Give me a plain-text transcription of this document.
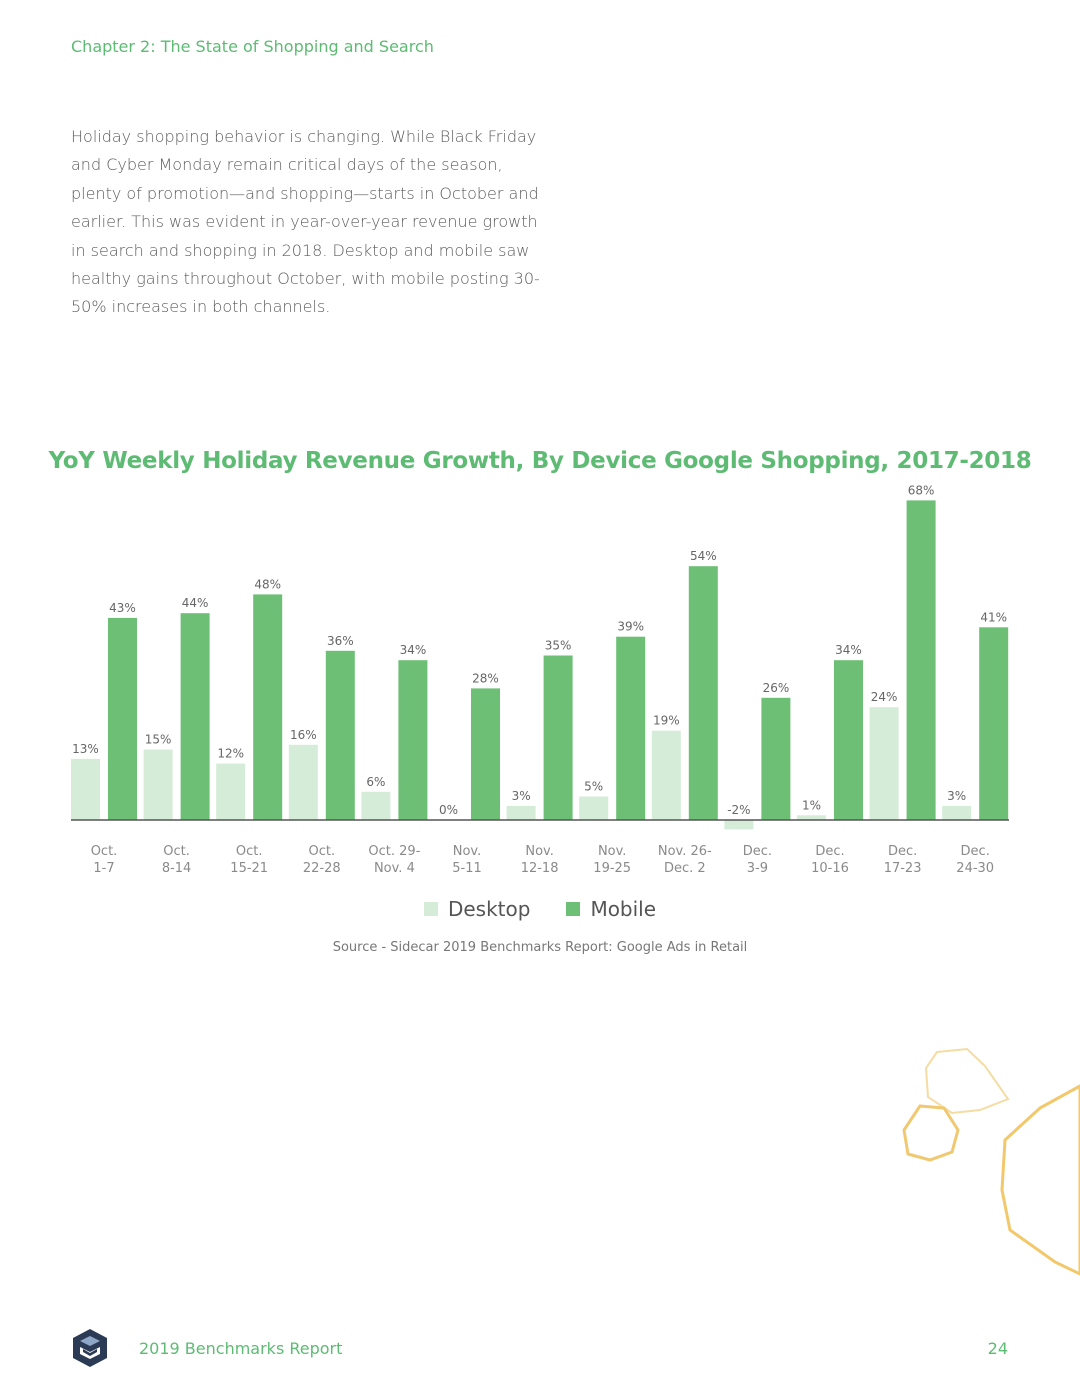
Chapter 2: The State of Shopping and Search

Holiday shopping behavior is changing. While Black Friday and Cyber Monday remain critical days of the season, plenty of promotion—and shopping—starts in October and earlier. This was evident in year-over-year revenue growth in search and shopping in 2018. Desktop and mobile saw healthy gains throughout October, with mobile posting 30-50% increases in both channels.

YoY Weekly Holiday Revenue Growth, By Device Google Shopping, 2017-2018
13%
43%
Oct.
1-7
15%
44%
Oct.
8-14
12%
48%
Oct.
15-21
16%
36%
Oct.
22-28
6%
34%
Oct. 29-
Nov. 4
0%
28%
Nov.
5-11
3%
35%
Nov.
12-18
5%
39%
Nov.
19-25
19%
54%
Nov. 26-
Dec. 2
-2%
26%
Dec.
3-9
1%
34%
Dec.
10-16
24%
68%
Dec.
17-23
3%
41%
Dec.
24-30
Desktop	Mobile
Source - Sidecar 2019 Benchmarks Report: Google Ads in Retail
2019 Benchmarks Report	24
